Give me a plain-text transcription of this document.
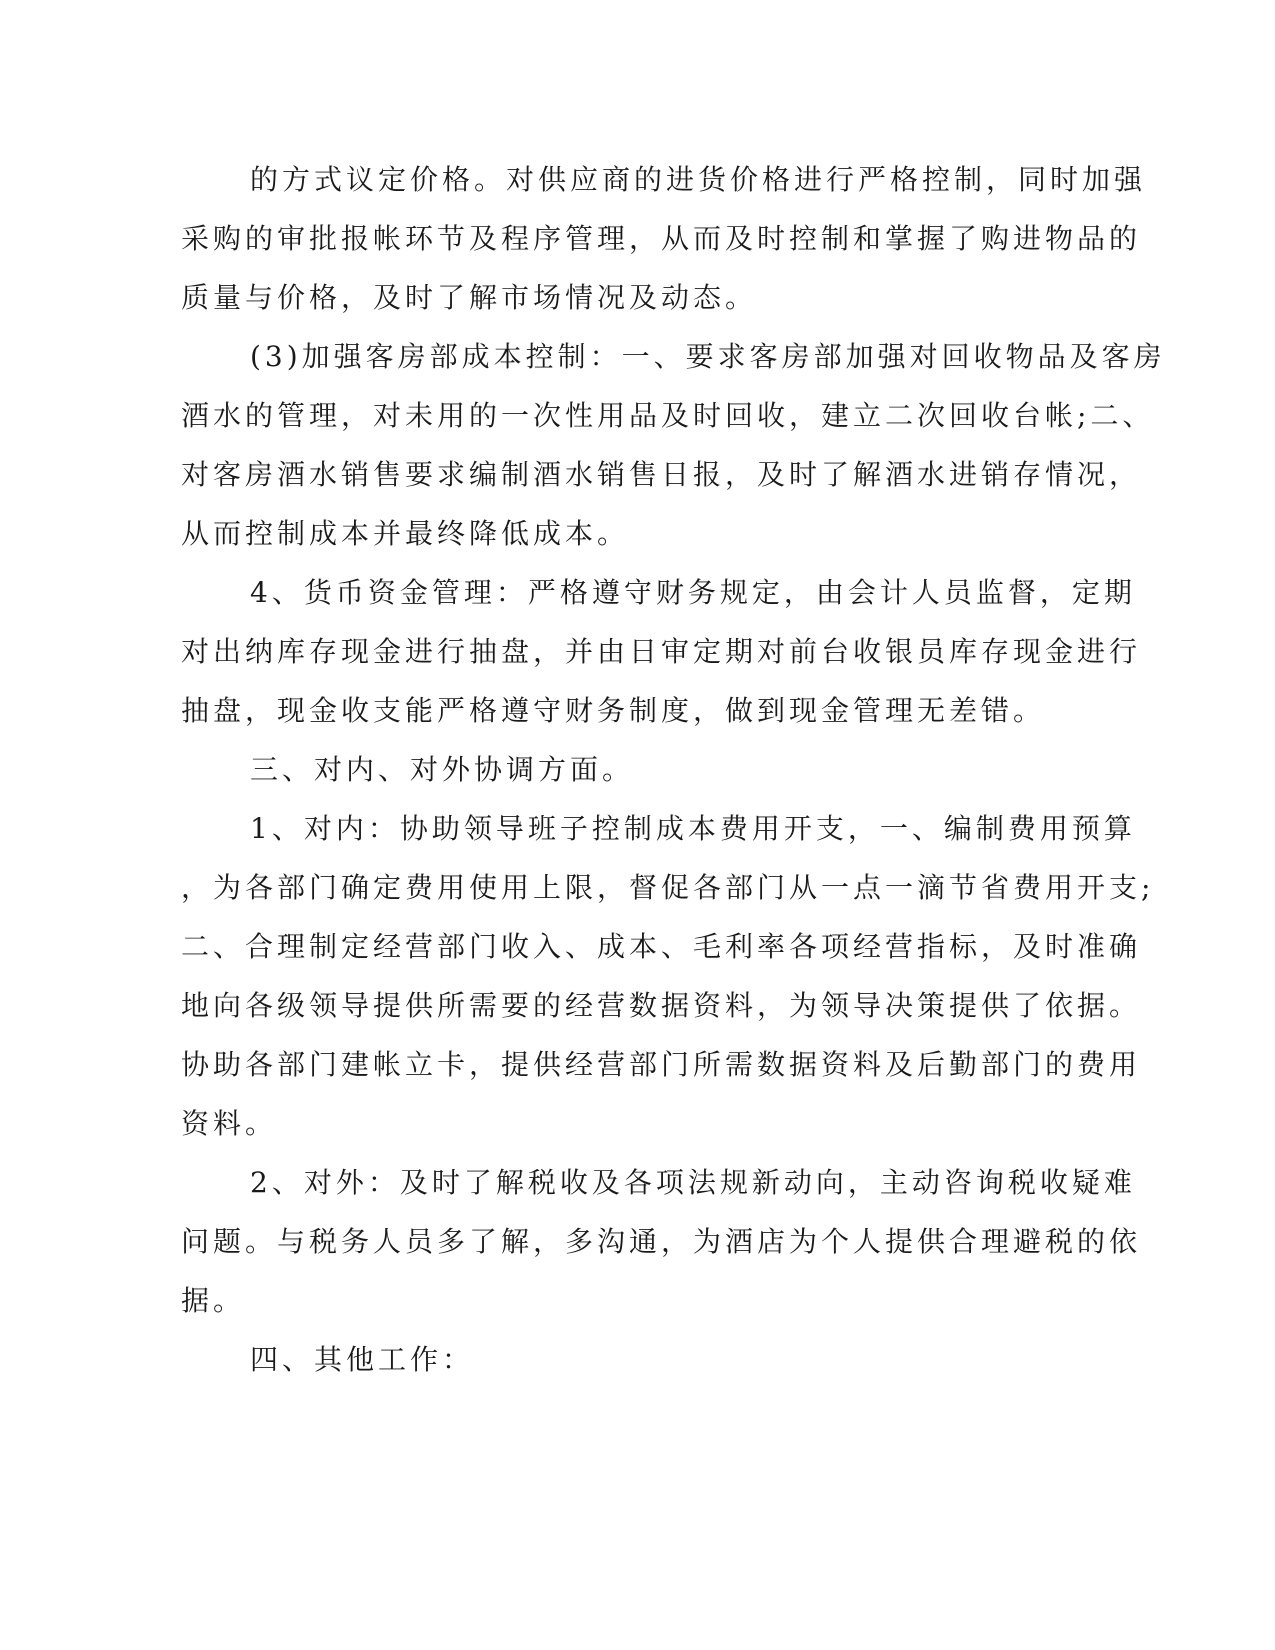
的方式议定价格。对供应商的进货价格进行严格控制，同时加强
采购的审批报帐环节及程序管理，从而及时控制和掌握了购进物品的
质量与价格，及时了解市场情况及动态。
(3)加强客房部成本控制：一、要求客房部加强对回收物品及客房
酒水的管理，对未用的一次性用品及时回收，建立二次回收台帐;二、
对客房酒水销售要求编制酒水销售日报，及时了解酒水进销存情况，
从而控制成本并最终降低成本。
4、货币资金管理：严格遵守财务规定，由会计人员监督，定期
对出纳库存现金进行抽盘，并由日审定期对前台收银员库存现金进行
抽盘，现金收支能严格遵守财务制度，做到现金管理无差错。
三、对内、对外协调方面。
1、对内：协助领导班子控制成本费用开支，一、编制费用预算
，为各部门确定费用使用上限，督促各部门从一点一滴节省费用开支;
二、合理制定经营部门收入、成本、毛利率各项经营指标，及时准确
地向各级领导提供所需要的经营数据资料，为领导决策提供了依据。
协助各部门建帐立卡，提供经营部门所需数据资料及后勤部门的费用
资料。
2、对外：及时了解税收及各项法规新动向，主动咨询税收疑难
问题。与税务人员多了解，多沟通，为酒店为个人提供合理避税的依
据。
四、其他工作：
